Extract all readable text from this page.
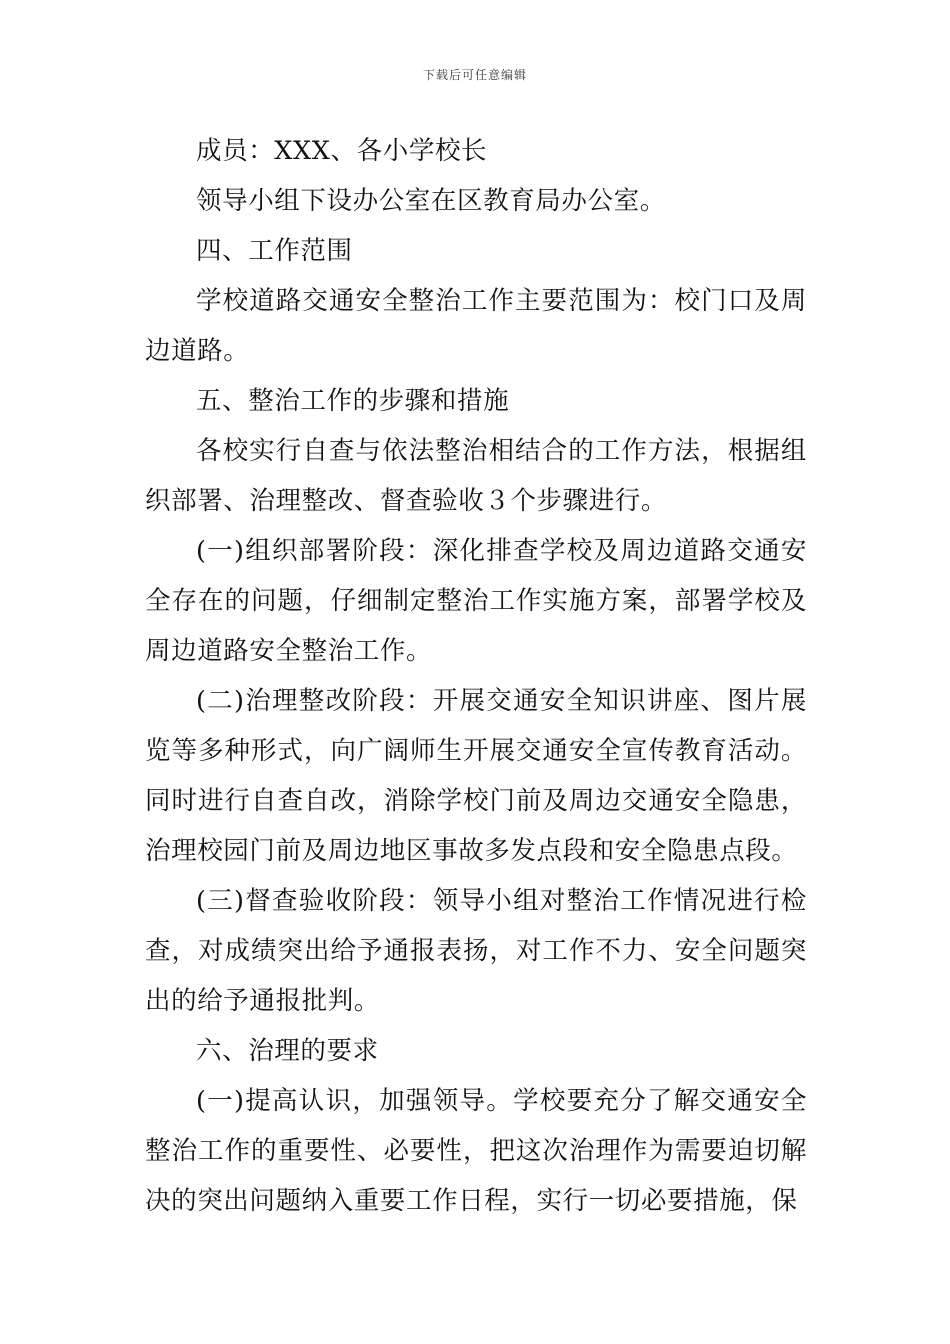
下载后可任意编辑

成员：XXX、各小学校长

领导小组下设办公室在区教育局办公室。

四、工作范围

学校道路交通安全整治工作主要范围为：校门口及周边道路。

五、整治工作的步骤和措施

各校实行自查与依法整治相结合的工作方法，根据组织部署、治理整改、督查验收３个步骤进行。

(一)组织部署阶段：深化排查学校及周边道路交通安全存在的问题，仔细制定整治工作实施方案，部署学校及周边道路安全整治工作。

(二)治理整改阶段：开展交通安全知识讲座、图片展览等多种形式，向广阔师生开展交通安全宣传教育活动。同时进行自查自改，消除学校门前及周边交通安全隐患，治理校园门前及周边地区事故多发点段和安全隐患点段。

(三)督查验收阶段：领导小组对整治工作情况进行检查，对成绩突出给予通报表扬，对工作不力、安全问题突出的给予通报批判。

六、治理的要求

(一)提高认识，加强领导。学校要充分了解交通安全整治工作的重要性、必要性，把这次治理作为需要迫切解决的突出问题纳入重要工作日程，实行一切必要措施，保
